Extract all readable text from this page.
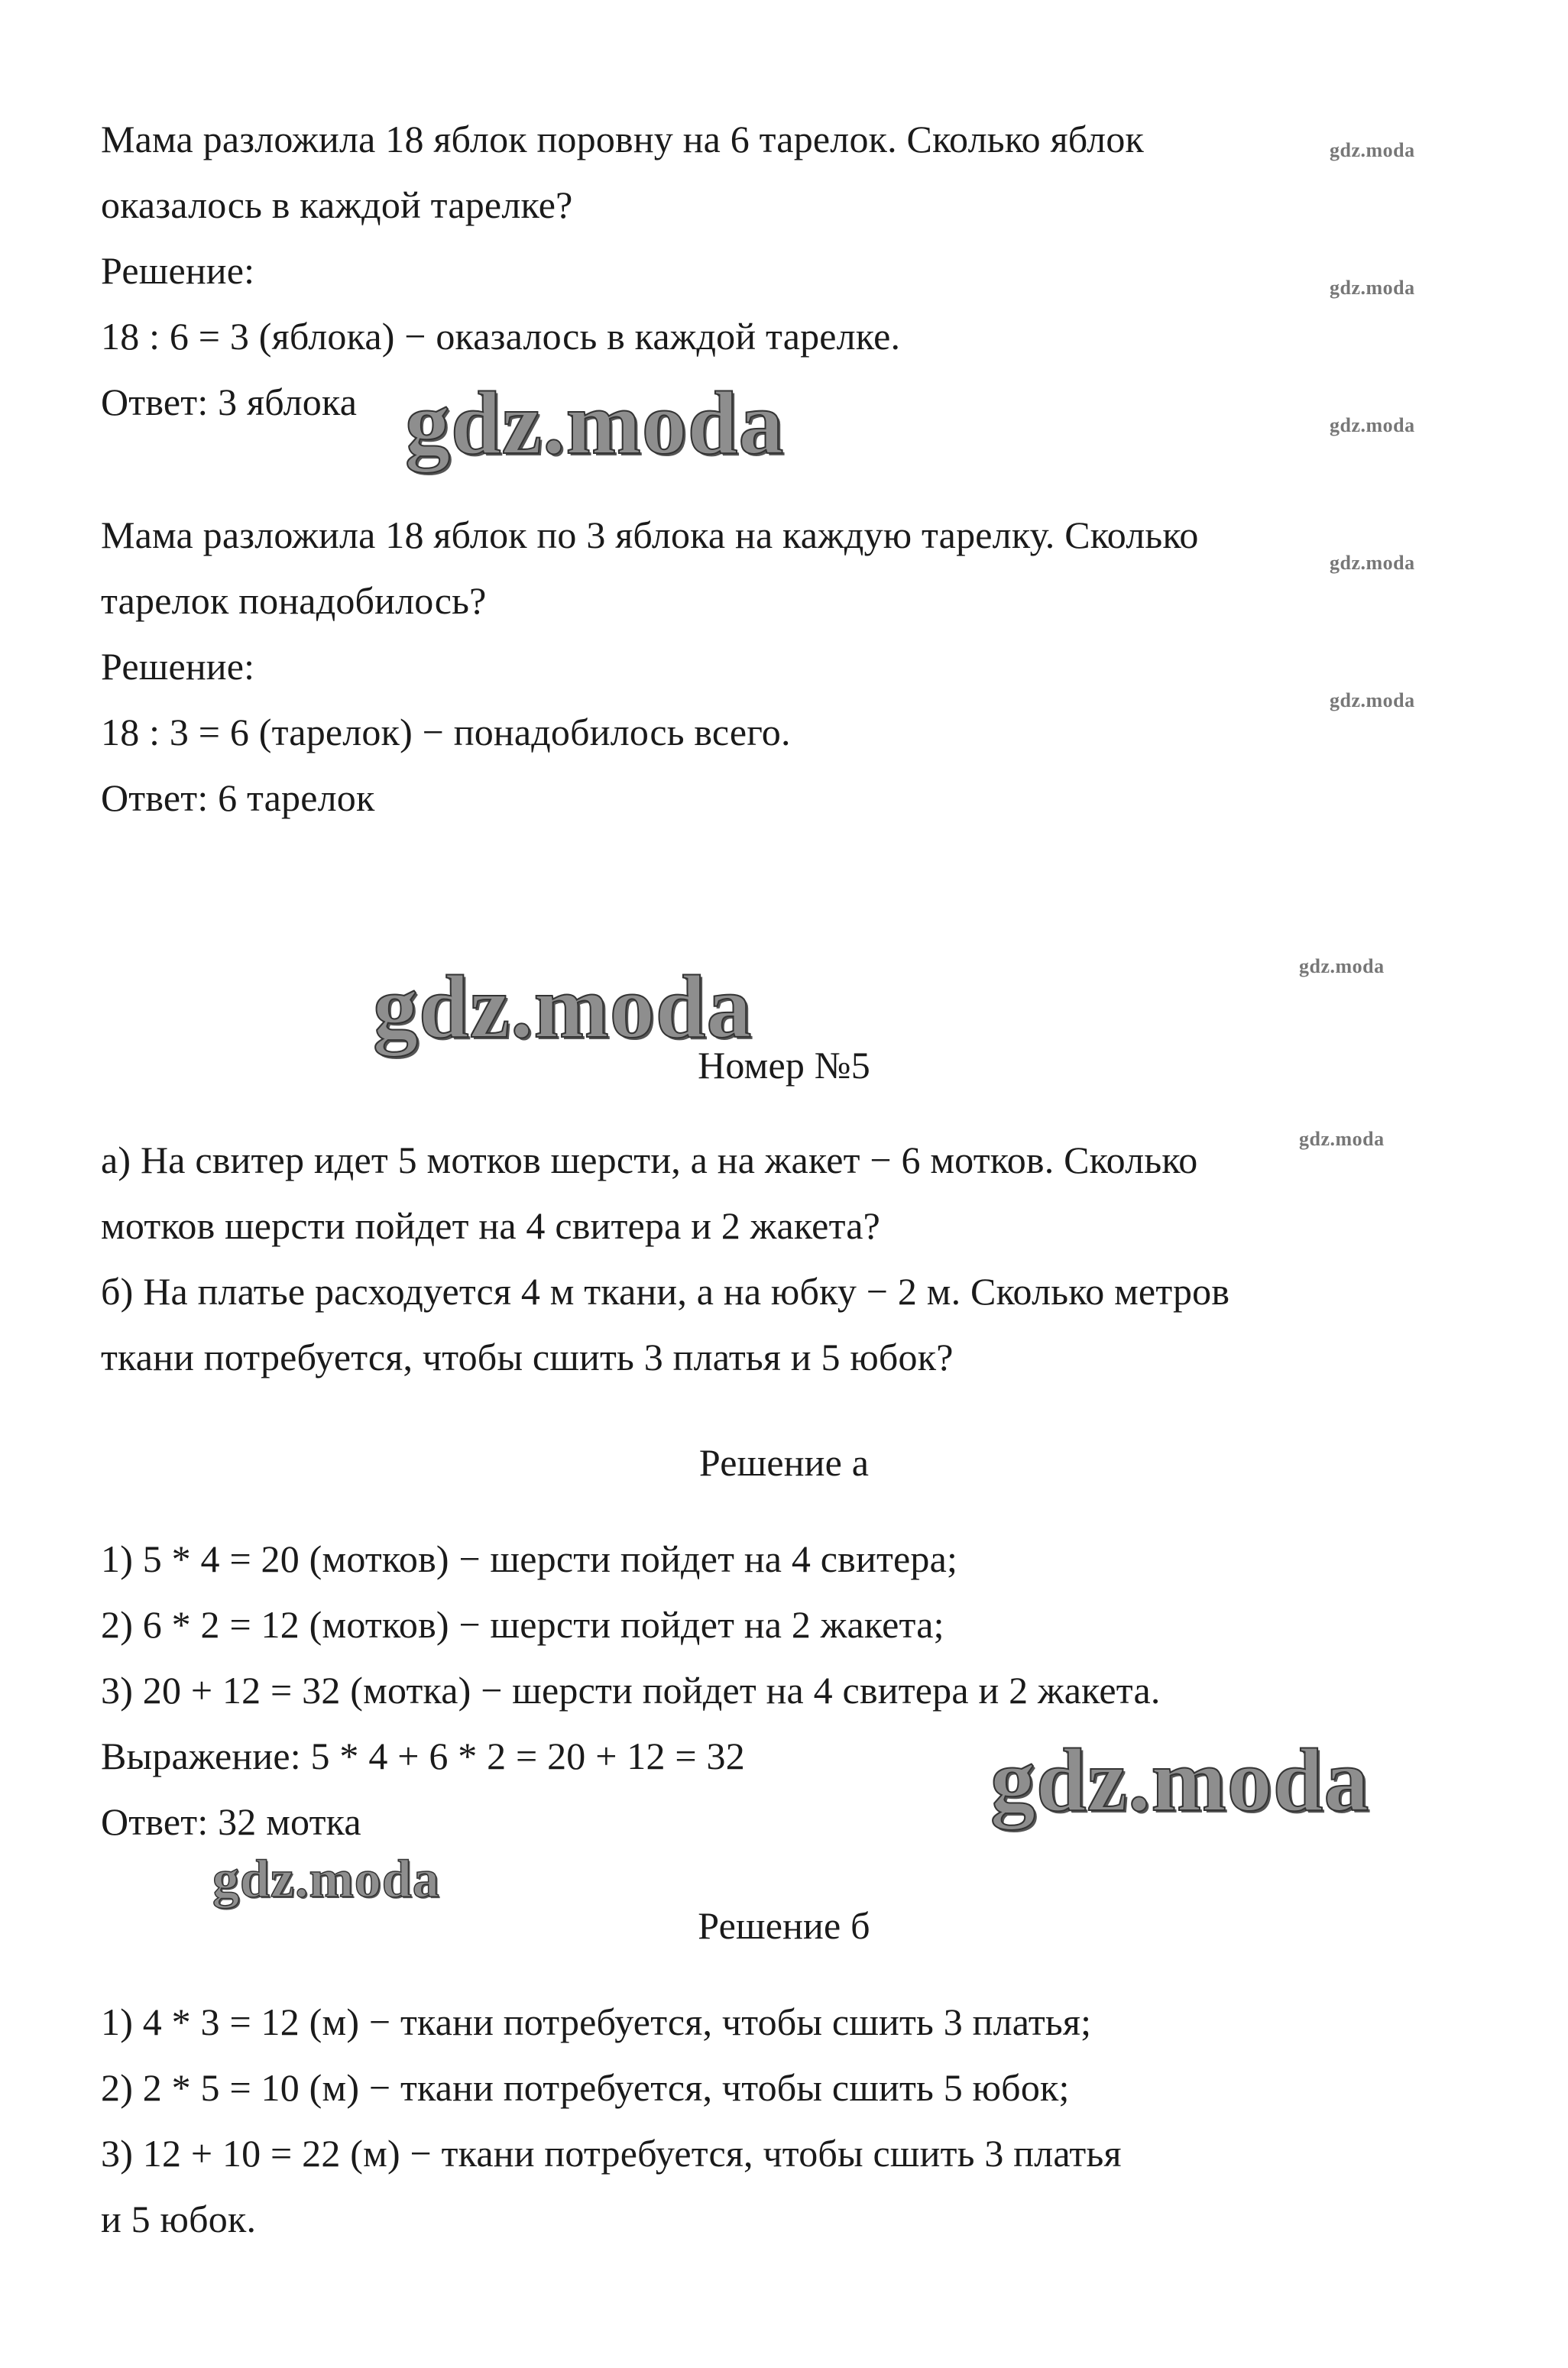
Мама разложила 18 яблок поровну на 6 тарелок. Сколько яблок
оказалось в каждой тарелке?
Решение:
18 : 6 = 3 (яблока) − оказалось в каждой тарелке.
Ответ: 3 яблока
Мама разложила 18 яблок по 3 яблока на каждую тарелку. Сколько
тарелок понадобилось?
Решение:
18 : 3 = 6 (тарелок) − понадобилось всего.
Ответ: 6 тарелок
Номер №5
а) На свитер идет 5 мотков шерсти, а на жакет − 6 мотков. Сколько
мотков шерсти пойдет на 4 свитера и 2 жакета?
б) На платье расходуется 4 м ткани, а на юбку − 2 м. Сколько метров
ткани потребуется, чтобы сшить 3 платья и 5 юбок?
Решение а
1) 5 * 4 = 20 (мотков) − шерсти пойдет на 4 свитера;
2) 6 * 2 = 12 (мотков) − шерсти пойдет на 2 жакета;
3) 20 + 12 = 32 (мотка) − шерсти пойдет на 4 свитера и 2 жакета.
Выражение: 5 * 4 + 6 * 2 = 20 + 12 = 32
Ответ: 32 мотка
Решение б
1) 4 * 3 = 12 (м) − ткани потребуется, чтобы сшить 3 платья;
2) 2 * 5 = 10 (м) − ткани потребуется, чтобы сшить 5 юбок;
3) 12 + 10 = 22 (м) − ткани потребуется, чтобы сшить 3 платья
и 5 юбок.
gdz.moda
gdz.moda
gdz.moda
gdz.moda
gdz.moda
gdz.moda
gdz.moda
gdz.moda
gdz.moda
gdz.moda
gdz.moda
